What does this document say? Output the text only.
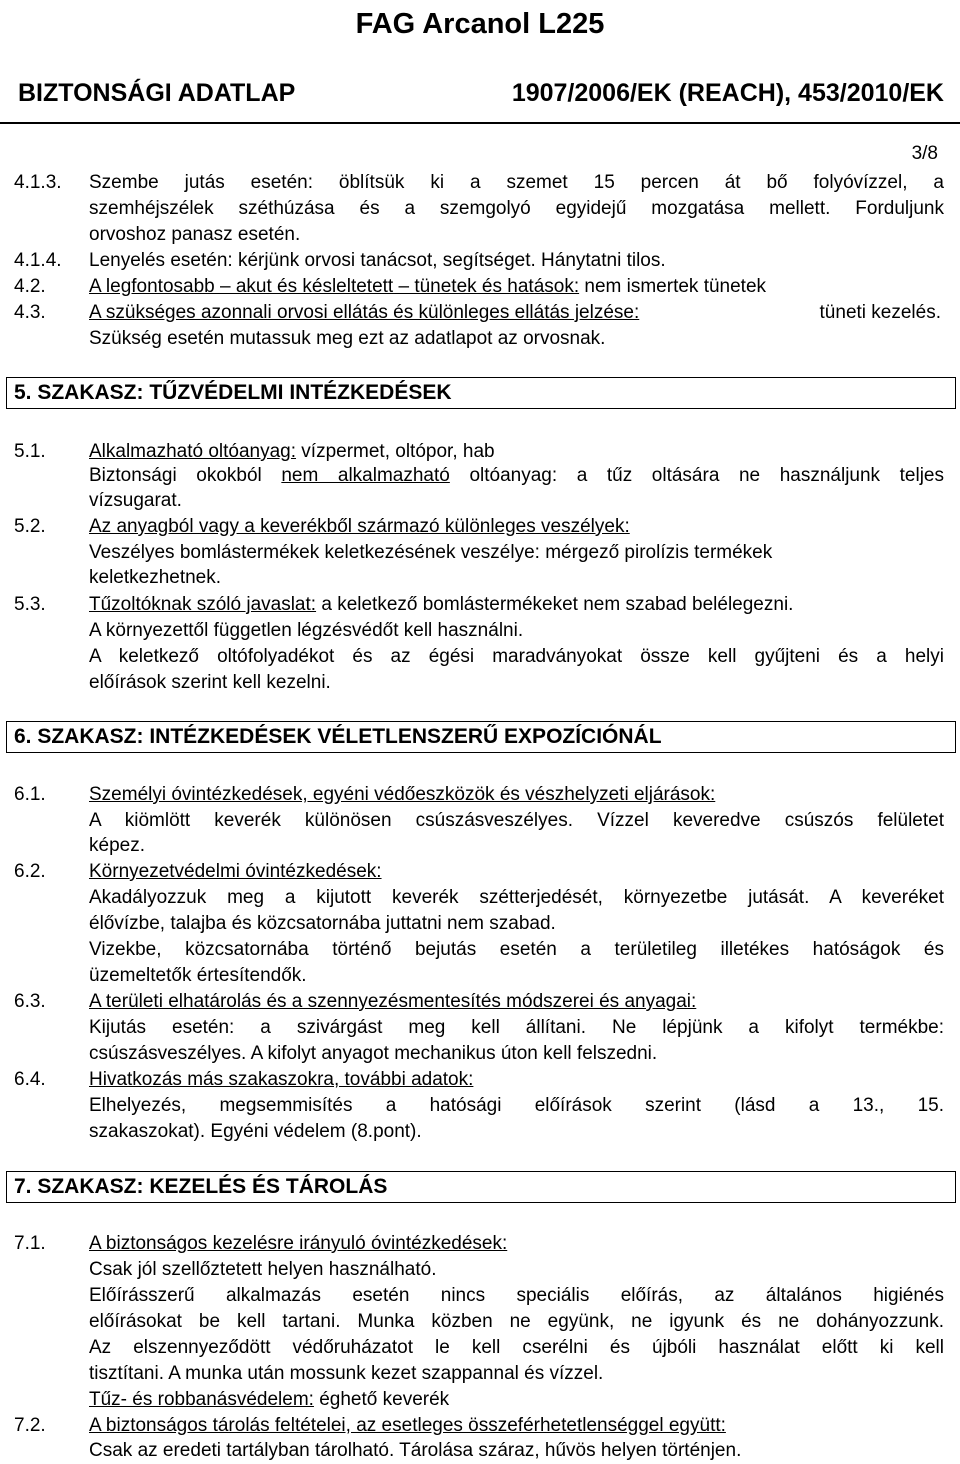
FAG Arcanol L225
BIZTONSÁGI ADATLAP	1907/2006/EK (REACH), 453/2010/EK
3/8
4.1.3. Szembe jutás esetén: öblítsük ki a szemet 15 percen át bő folyóvízzel, a
szemhéjszélek széthúzása és a szemgolyó egyidejű mozgatása mellett. Forduljunk
orvoshoz panasz esetén.
4.1.4. Lenyelés esetén: kérjünk orvosi tanácsot, segítséget. Hánytatni tilos.
4.2. A legfontosabb – akut és késleltetett – tünetek és hatások: nem ismertek tünetek
4.3. A szükséges azonnali orvosi ellátás és különleges ellátás jelzése:	tüneti kezelés.
Szükség esetén mutassuk meg ezt az adatlapot az orvosnak.
5. SZAKASZ: TŰZVÉDELMI INTÉZKEDÉSEK
5.1. Alkalmazható oltóanyag: vízpermet, oltópor, hab
Biztonsági okokból nem alkalmazható oltóanyag: a tűz oltására ne használjunk teljes
vízsugarat.
5.2. Az anyagból vagy a keverékből származó különleges veszélyek:
Veszélyes bomlástermékek keletkezésének veszélye: mérgező pirolízis termékek
keletkezhetnek.
5.3. Tűzoltóknak szóló javaslat: a keletkező bomlástermékeket nem szabad belélegezni.
A környezettől független légzésvédőt kell használni.
A keletkező oltófolyadékot és az égési maradványokat össze kell gyűjteni és a helyi
előírások szerint kell kezelni.
6. SZAKASZ: INTÉZKEDÉSEK VÉLETLENSZERŰ EXPOZÍCIÓNÁL
6.1. Személyi óvintézkedések, egyéni védőeszközök és vészhelyzeti eljárások:
A kiömlött keverék különösen csúszásveszélyes. Vízzel keveredve csúszós felületet
képez.
6.2. Környezetvédelmi óvintézkedések:
Akadályozzuk meg a kijutott keverék szétterjedését, környezetbe jutását. A keveréket
élővízbe, talajba és közcsatornába juttatni nem szabad.
Vizekbe, közcsatornába történő bejutás esetén a területileg illetékes hatóságok és
üzemeltetők értesítendők.
6.3. A területi elhatárolás és a szennyezésmentesítés módszerei és anyagai:
Kijutás esetén: a szivárgást meg kell állítani. Ne lépjünk a kifolyt termékbe:
csúszásveszélyes. A kifolyt anyagot mechanikus úton kell felszedni.
6.4. Hivatkozás más szakaszokra, további adatok:
Elhelyezés, megsemmisítés a hatósági előírások szerint (lásd a 13., 15.
szakaszokat). Egyéni védelem (8.pont).
7. SZAKASZ: KEZELÉS ÉS TÁROLÁS
7.1. A biztonságos kezelésre irányuló óvintézkedések:
Csak jól szellőztetett helyen használható.
Előírásszerű alkalmazás esetén nincs speciális előírás, az általános higiénés
előírásokat be kell tartani. Munka közben ne együnk, ne igyunk és ne dohányozzunk.
Az elszennyeződött védőruházatot le kell cserélni és újbóli használat előtt ki kell
tisztítani. A munka után mossunk kezet szappannal és vízzel.
Tűz- és robbanásvédelem: éghető keverék
7.2. A biztonságos tárolás feltételei, az esetleges összeférhetetlenséggel együtt:
Csak az eredeti tartályban tárolható. Tárolása száraz, hűvös helyen történjen.
